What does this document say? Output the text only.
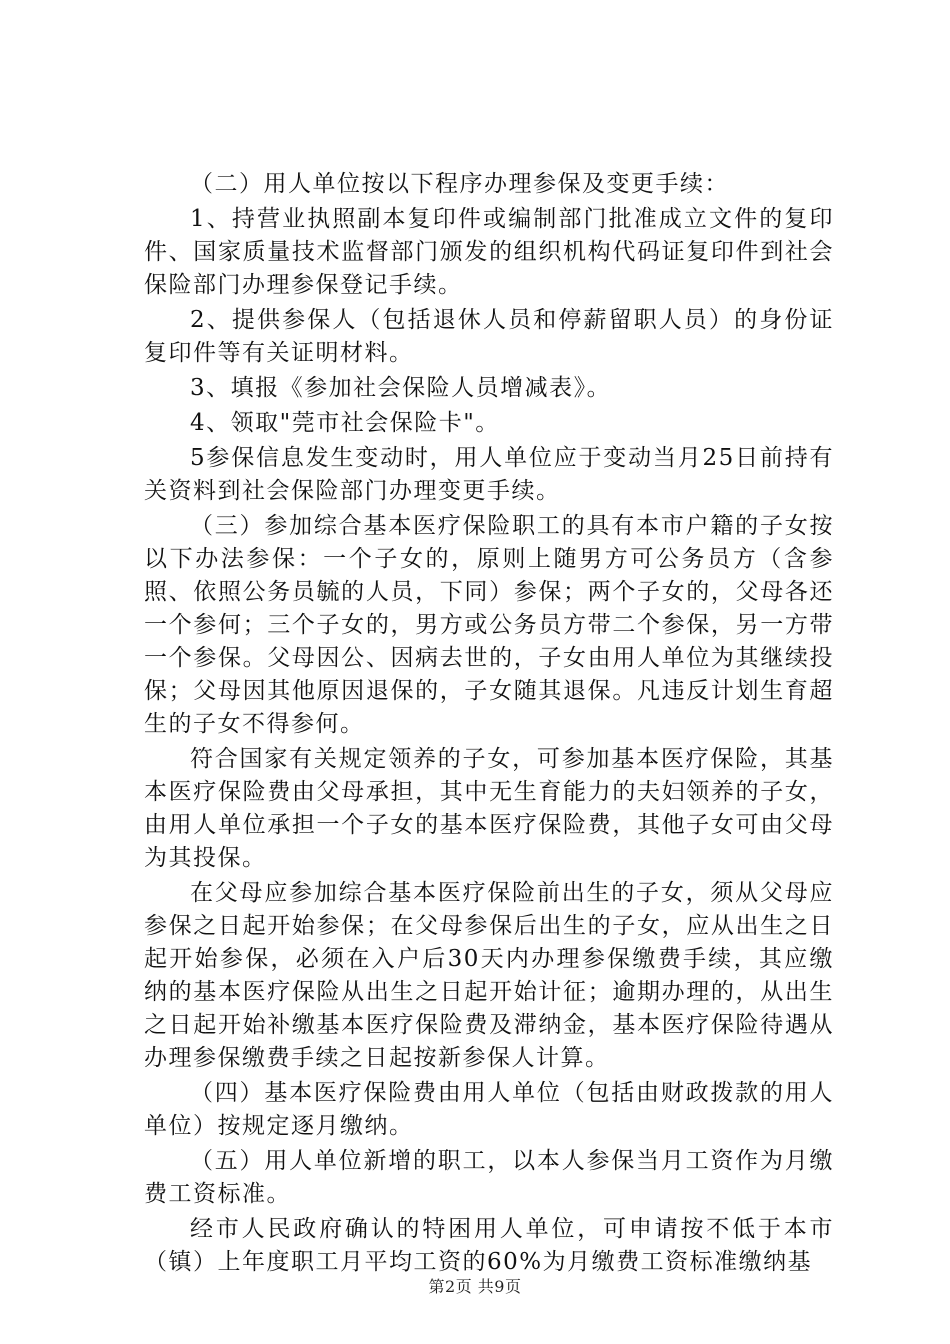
（二）用人单位按以下程序办理参保及变更手续：

1、持营业执照副本复印件或编制部门批准成立文件的复印件、国家质量技术监督部门颁发的组织机构代码证复印件到社会保险部门办理参保登记手续。

2、提供参保人（包括退休人员和停薪留职人员）的身份证复印件等有关证明材料。

3、填报《参加社会保险人员增减表》。

4、领取"莞市社会保险卡"。

5参保信息发生变动时，用人单位应于变动当月25日前持有关资料到社会保险部门办理变更手续。

（三）参加综合基本医疗保险职工的具有本市户籍的子女按以下办法参保：一个子女的，原则上随男方可公务员方（含参照、依照公务员毓的人员，下同）参保；两个子女的，父母各还一个参何；三个子女的，男方或公务员方带二个参保，另一方带一个参保。父母因公、因病去世的，子女由用人单位为其继续投保；父母因其他原因退保的，子女随其退保。凡违反计划生育超生的子女不得参何。

符合国家有关规定领养的子女，可参加基本医疗保险，其基本医疗保险费由父母承担，其中无生育能力的夫妇领养的子女，由用人单位承担一个子女的基本医疗保险费，其他子女可由父母为其投保。

在父母应参加综合基本医疗保险前出生的子女，须从父母应参保之日起开始参保；在父母参保后出生的子女，应从出生之日起开始参保，必须在入户后30天内办理参保缴费手续，其应缴纳的基本医疗保险从出生之日起开始计征；逾期办理的，从出生之日起开始补缴基本医疗保险费及滞纳金，基本医疗保险待遇从办理参保缴费手续之日起按新参保人计算。

（四）基本医疗保险费由用人单位（包括由财政拨款的用人单位）按规定逐月缴纳。

（五）用人单位新增的职工，以本人参保当月工资作为月缴费工资标准。

经市人民政府确认的特困用人单位，可申请按不低于本市（镇）上年度职工月平均工资的60%为月缴费工资标准缴纳基

第2页 共9页
